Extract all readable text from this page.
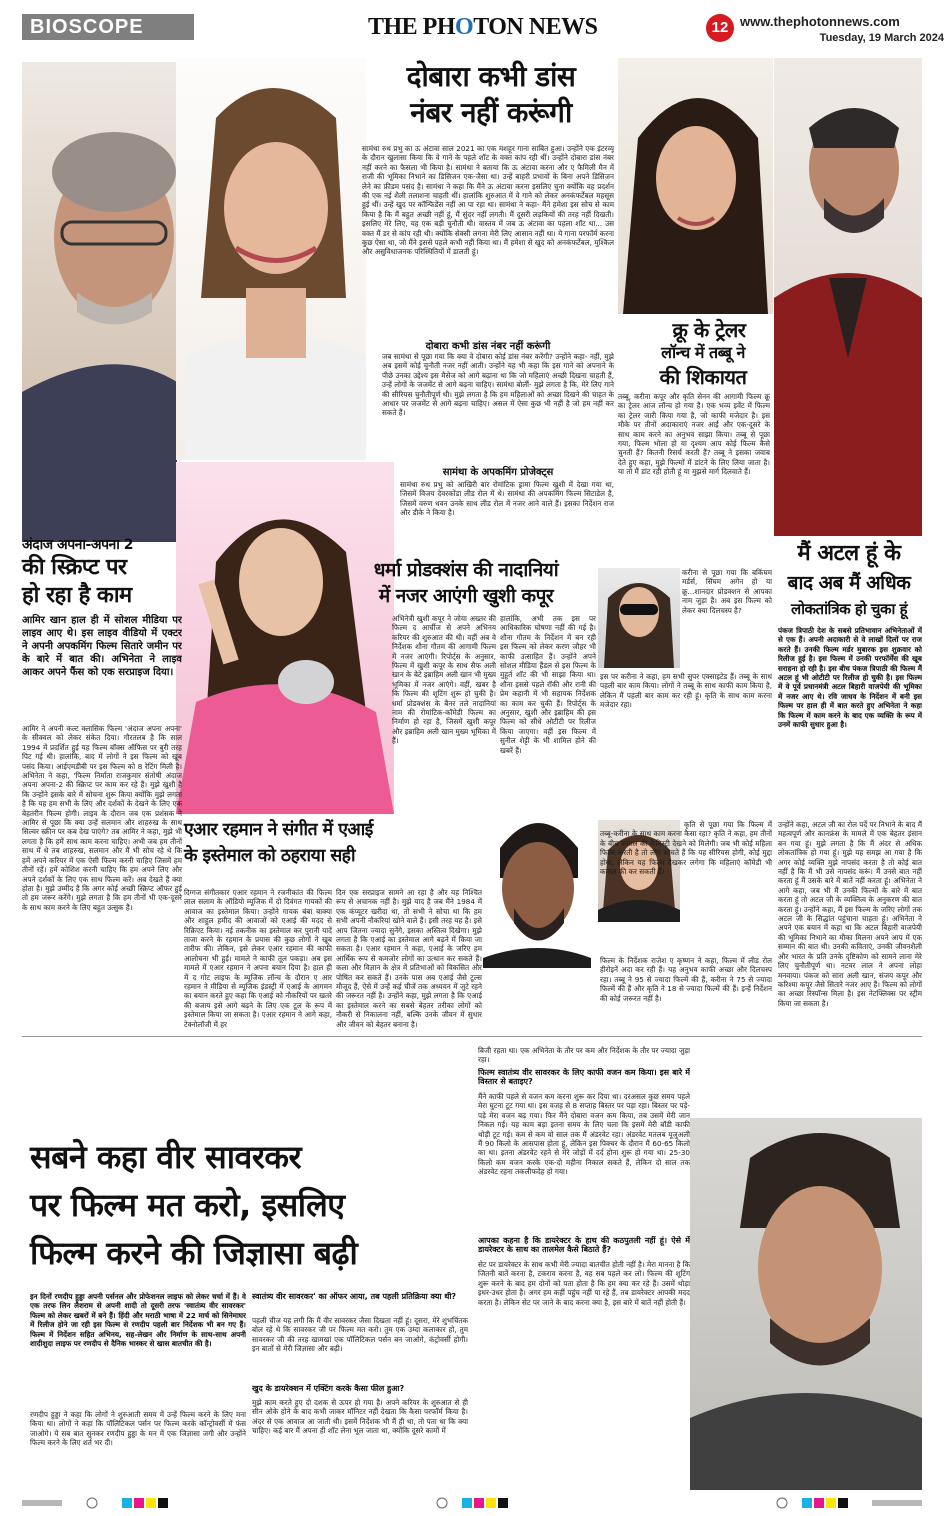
BIOSCOPE	THE PHOTON NEWS	12 www.thephotonnews.com
Tuesday, 19 March 2024
दोबारा कभी डांस
नंबर नहीं करूंगी
सामंथा रुथ प्रभु का ऊ अंटावा साल 2021 का एक मशहूर गाना साबित हुआ। उन्होंने एक इंटरव्यू के दौरान खुलासा किया कि वे गाने के पहले शॉट के वक्त कांप रही थीं। उन्होंने दोबारा डांस नंबर नहीं करने का फैसला भी किया है। सामंथा ने बताया कि ऊ अंटावा करना और ए फैमिली मैन में राजी की भूमिका निभाने का डिसिजन एक-जैसा था। उन्हें बाहरी प्रभावों के बिना अपने डिसिजन लेने का फ्रीडम पसंद है। सामंथा ने कहा कि मैंने ऊ अंटावा करना इसलिए चुना क्योंकि वह प्रदर्शन की एक नई शैली तलाशना चाहती थीं। हालांकि शुरुआत में वे गाने को लेकर अनकंफर्टेबल महसूस हुई थीं। उन्हें खुद पर कॉन्फिडेंस नहीं आ पा रहा था। सामंथा ने कहा- मैंने हमेशा इस सोच से काम किया है कि मैं बहुत अच्छी नहीं हूं, मैं सुंदर नहीं लगती। मैं दूसरी लड़कियों की तरह नहीं दिखती। इसलिए मेरे लिए, यह एक बड़ी चुनौती थी। वास्तव में जब ऊ अंटावा का पहला शॉट था... उस वक्त मैं डर से कांप रही थी। क्योंकि सेक्सी लगना मेरी लिए आसान नहीं था। ये गाना परफॉर्म करना कुछ ऐसा था, जो मैंने इससे पहले कभी नहीं किया था। मैं हमेशा से खुद को अनकंफर्टेबल, मुश्किल और असुविधाजनक परिस्थितियों में डालती हूं।
दोबारा कभी डांस नंबर नहीं करूंगी
जब सामंथा से पूछा गया कि क्या वे दोबारा कोई डांस नंबर करेंगी? उन्होंने कहा- नहीं, मुझे अब इसमें कोई चुनौती नजर नहीं आती। उन्होंने यह भी कहा कि इस गाने को अपनाने के पीछे उनका उद्देश्य इस मैसेज को आगे बढ़ाना था कि जो महिलाएं अच्छी दिखना चाहती हैं, उन्हें लोगों के जजमेंट से आगे बढ़ना चाहिए। सामंथा बोलीं- मुझे लगता है कि, मेरे लिए गाने की सीरियस चुनौतीपूर्ण थी। मुझे लगता है कि हम महिलाओं को अच्छा दिखने की चाहत के आधार पर जजमेंट से आगे बढ़ना चाहिए। असल में ऐसा कुछ भी नहीं है जो हम नहीं कर सकते हैं।
सामंथा के अपकमिंग प्रोजेक्ट्स
सामंथा रुथ प्रभु को आखिरी बार रोमांटिक ड्रामा फिल्म खुशी में देखा गया था, जिसमें विजय देवरकोंडा लीड रोल में थे। सामंथा की अपकमिंग फिल्म सिटाडेल है, जिसमें वरुण धवन उनके साथ लीड रोल में नजर आने वाले हैं। इसका निर्देशन राज और डीके ने किया है।
क्रू के ट्रेलर
लॉन्च में तब्बू ने
की शिकायत
तब्बू, करीना कपूर और कृति सेनन की आगामी फिल्म क्रू का ट्रेलर आज लॉन्च हो गया है। एक भव्य इवेंट में फिल्म का ट्रेलर जारी किया गया है, जो काफी मजेदार है। इस मौके पर तीनों अदाकाराएं नजर आईं और एक-दूसरे के साथ काम करने का अनुभव साझा किया। तब्बू से पूछा गया, फिल्म भोला हो या दृश्यम आप कोई फिल्म कैसे चुनती हैं? कितनी रिसर्च करती हैं? तब्बू ने इसका जवाब देते हुए कहा, मुझे फिल्मों में डांटने के लिए लिया जाता है। या तो मैं डांट रही होती हूं या मुझसे मार्ग दिलवाते हैं।
करीना से पूछा गया कि बकिंघम मर्डर्स, सिंघम अगेन हो या क्रू...शानदार प्रोडक्शन से आपका नाम जुड़ा है। अब इस फिल्म को लेकर क्या दिलचस्प है?
इस पर करीना ने कहा, हम सभी सुपर एक्साइटेड हैं। तब्बू के साथ पहली बार काम किया। लोगों ने तब्बू के साथ काफी काम किया है, लेकिन मैं पहली बार काम कर रही हूं। कृति के साथ काम करना मजेदार रहा।
कृति से पूछा गया कि फिल्म में तब्बू-करीना के साथ काम करना कैसा रहा? कृति ने कहा, हम तीनों के बीच कमाल की केमिस्ट्री देखने को मिलेगी। जब भी कोई महिला फिल्म करती है तो लोग सोचते हैं कि यह सीरियस होगी, कोई मुद्दा होगा, लेकिन यह फिल्म देखकर लगेगा कि महिलाएं कॉमेडी भी कमाल की कर सकती हैं।
फिल्म के निर्देशक राजेश ए कृष्णन ने कहा, फिल्म में लीड रोल हीरोइनें अदा कर रही हैं। यह अनुभव काफी अच्छा और दिलचस्प रहा। तब्बू ने 95 से ज्यादा फिल्में की हैं, करीना ने 75 से ज्यादा फिल्में की हैं और कृति ने 18 से ज्यादा फिल्में की हैं। इन्हें निर्देशन की कोई जरूरत नहीं है।
मैं अटल हूं के
बाद अब मैं अधिक
लोकतांत्रिक हो चुका हूं
पंकज त्रिपाठी देश के सबसे प्रतिभावान अभिनेताओं में से एक हैं। अपनी अदाकारी से वे लाखों दिलों पर राज करते हैं। उनकी फिल्म मर्डर मुबारक इस शुक्रवार को रिलीज हुई है। इस फिल्म में उनकी परफॉर्मेंस की खूब सराहना हो रही है। इस बीच पंकज त्रिपाठी की फिल्म मैं अटल हूं भी ओटीटी पर रिलीज हो चुकी है। इस फिल्म में वे पूर्व प्रधानमंत्री अटल बिहारी वाजपेयी की भूमिका में नजर आए थे। रवि जाधव के निर्देशन में बनी इस फिल्म पर हाल ही में बात करते हुए अभिनेता ने कहा कि फिल्म में काम करने के बाद एक व्यक्ति के रूप में उनमें काफी सुधार हुआ है।
उन्होंने कहा, अटल जी का रोल पर्दे पर निभाने के बाद मैं महत्वपूर्ण और कानफ्रंस के मामले में एक बेहतर इंसान बन गया हूं। मुझे लगता है कि मैं अंदर से अधिक लोकतांत्रिक हो गया हूं। मुझे यह समझ आ गया है कि अगर कोई व्यक्ति मुझे नापसंद करता है तो कोई बात नहीं है कि मैं भी उसे नापसंद करूं। मैं उनसे बात नहीं करता हूं मैं उसके बारे में बातें नहीं करता हूं। अभिनेता ने आगे कहा, जब भी मैं उनकी फिल्मों के बारे में बात करता हूं तो अटल जी के व्यक्तित्व के अनुकरण की बात करता हूं। उन्होंने कहा, मैं इस फिल्म के जरिए लोगों तक अटल जी के सिद्धांत पहुंचाना चाहता हूं। अभिनेता ने अपने एक बयान में कहा था कि अटल बिहारी वाजपेयी की भूमिका निभाने का मौका मिलना अपने आप में एक सम्मान की बात थी। उनकी कविताएं, उनकी जीवनशैली और भारत के प्रति उनके दृष्टिकोण को सामने लाना मेरे लिए चुनौतीपूर्ण था। नटवर लाल ने अपना लोहा मनवाया। पंकज को सारा अली खान, संजय कपूर और करिश्मा कपूर जैसे सितारे नजर आए हैं। फिल्म को लोगों का अच्छा रिस्पॉन्स मिला है। इस नेटफ्लिक्स पर स्ट्रीम किया जा सकता है।
अंदाज अपना-अपना 2
की स्क्रिप्ट पर
हो रहा है काम
आमिर खान हाल ही में सोशल मीडिया पर लाइव आए थे। इस लाइव वीडियो में एक्टर ने अपनी अपकमिंग फिल्म सितारे जमीन पर के बारे में बात की। अभिनेता ने लाइव आकर अपने फैंस को एक सरप्राइज दिया।
आमिर ने अपनी कल्ट क्लासिक फिल्म 'अंदाज अपना अपना' के सीक्वल को लेकर संकेत दिया। गौरतलब है कि साल 1994 में प्रदर्शित हुई यह फिल्म बॉक्स ऑफिस पर बुरी तरह पिट गई थी। हालांकि, बाद में लोगों ने इस फिल्म को खूब पसंद किया। आईएमडीबी पर इस फिल्म को 8 रेटिंग मिली है। अभिनेता ने कहा, 'फिल्म निर्माता राजकुमार संतोषी अंदाज अपना अपना-2 की स्क्रिप्ट पर काम कर रहे हैं। मुझे खुशी है कि उन्होंने इसके बारे में सोचना शुरू किया क्योंकि मुझे लगता है कि यह हम सभी के लिए और दर्शकों के देखने के लिए एक बेहतरीन फिल्म होगी। लाइव के दौरान जब एक प्रशंसक ने आमिर से पूछा कि क्या उन्हें सलमान और शाहरुख के साथ सिल्वर स्क्रीन पर कब देख पाएंगे? तब आमिर ने कहा, मुझे भी लगता है कि हमें साथ काम करना चाहिए। अभी जब हम तीनों साथ में थे तब शाहरुख, सलमान और मैं भी सोच रहे थे कि हमें अपने करियर में एक ऐसी फिल्म करनी चाहिए जिसमें हम तीनों रहें। हमें कोशिश करनी चाहिए कि हम अपने लिए और अपने दर्शकों के लिए एक साथ फिल्म करें। अब देखते हैं क्या होता है। मुझे उम्मीद है कि अगर कोई अच्छी स्क्रिप्ट ऑफर हुई तो हम जरूर करेंगे। मुझे लगता है कि हम तीनों भी एक-दूसरे के साथ काम करने के लिए बहुत उत्सुक हैं।
धर्मा प्रोडक्शंस की नादानियां
में नजर आएंगी खुशी कपूर
अभिनेत्री खुशी कपूर ने जोया अख्तर की फिल्म द आर्चीज से अपने अभिनय करियर की शुरुआत की थी। वहीं अब वे निर्देशक शौना गौतम की आगामी फिल्म में नजर आएंगी। रिपोर्ट्स के अनुसार, फिल्म में खुशी कपूर के साथ सैफ अली खान के बेटे इब्राहिम अली खान भी मुख्य भूमिका में नजर आएंगे। वहीं, खबर है कि फिल्म की शूटिंग शुरू हो चुकी है। धर्मा प्रोडक्शंस के बैनर तले नादानियां नाम की रोमांटिक-कॉमेडी फिल्म का निर्माण हो रहा है, जिसमें खुशी कपूर और इब्राहिम अली खान मुख्य भूमिका में हैं।
हालांकि, अभी तक इस पर आधिकारिक घोषणा नहीं की गई है। शौना गौतम के निर्देशन में बन रही इस फिल्म को लेकर करण जौहर भी काफी उत्साहित हैं। उन्होंने अपने सोशल मीडिया हैंडल से इस फिल्म के मुहूर्त शॉट की भी साझा किया था। शौना इससे पहले रॉकी और रानी की प्रेम कहानी में भी सहायक निर्देशक का काम कर चुकी हैं। रिपोर्ट्स के अनुसार, खुशी और इब्राहिम की इस फिल्म को सीधे ओटीटी पर रिलीज किया जाएगा। वहीं इस फिल्म में सुनील शेट्टी के भी शामिल होने की खबरें हैं।
एआर रहमान ने संगीत में एआई
के इस्तेमाल को ठहराया सही
दिग्गज संगीतकार एआर रहमान ने रजनीकांत की फिल्म लाल सलाम के ऑडियो म्यूजिक में दो दिवंगत गायकों की आवाज का इस्तेमाल किया। उन्होंने गायक बंबा बाक्या और शाहुल हमीद की आवाजों को एआई की मदद से रिक्रिएट किया। नई तकनीक का इस्तेमाल कर पुरानी यादें ताजा करने के रहमान के प्रयास की कुछ लोगों ने खूब तारीफ की। लेकिन, इसे लेकर एआर रहमान की काफी आलोचना भी हुई। मामले ने काफी तूल पकड़ा। अब इस मामले में एआर रहमान ने अपना बयान दिया है। हाल ही में द गोट लाइफ के म्यूजिक लॉन्च के दौरान ए आर रहमान ने मीडिया से म्यूजिक इंडस्ट्री में एआई के आगमन का बयान करते हुए कहा कि एआई को नौकरियों पर खतरे की बजाय इसे आगे बढ़ने के लिए एक टूल के रूप में इस्तेमाल किया जा सकता है। एआर रहमान ने आगे कहा, टेक्नोलॉजी में हर
दिन एक सरप्राइज सामने आ रहा है और यह निश्चित रूप से अचानक नहीं है। मुझे याद है जब मैंने 1984 में एक कंप्यूटर खरीदा था, तो सभी ने सोचा था कि हम सभी अपनी नौकरियां खोने वाले हैं। इसी तरह यह है। इसे आप जितना ज्यादा सुनेंगे, इसका अस्तित्व दिखेगा। मुझे लगता है कि एआई का इस्तेमाल आगे बढ़ने में किया जा सकता है। एआर रहमान ने कहा, एआई के जरिए हम आर्थिक रूप से कमजोर लोगों का उत्थान कर सकते हैं। कला और विज्ञान के क्षेत्र में प्रतिभाओं को विकसित और पोषित कर सकते हैं। उनके पास अब एआई जैसे टूल्स मौजूद हैं, ऐसे में उन्हें कई चीजें तक अध्ययन में जुटे रहने की जरूरत नहीं है। उन्होंने कहा, मुझे लगता है कि एआई का इस्तेमाल करने का सबसे बेहतर तरीका लोगों को नौकरी से निकालना नहीं, बल्कि उनके जीवन में सुधार और जीवन को बेहतर बनाना है।
सबने कहा वीर सावरकर
पर फिल्म मत करो, इसलिए
फिल्म करने की जिज्ञासा बढ़ी
इन दिनों रणदीप हुड्डा अपनी पर्सनल और प्रोफेशनल लाइफ को लेकर चर्चा में हैं। वे एक तरफ लिन लैशराम से अपनी शादी तो दूसरी तरफ 'स्वातंत्र्य वीर सावरकर' फिल्म को लेकर खबरों में बने हैं। हिंदी और मराठी भाषा में 22 मार्च को सिनेमाघर में रिलीज होने जा रही इस फिल्म से रणदीप पहली बार निर्देशक भी बन गए हैं। फिल्म में निर्देशन सहित अभिनय, सह-लेखन और निर्माण के साथ-साथ अपनी शादीशुदा लाइफ पर रणदीप से दैनिक भास्कर से खास बातचीत की है।
रणदीप हुड्डा ने कहा कि लोगों ने शुरुआती समय में उन्हें फिल्म करने के लिए मना किया था। लोगों ने कहा कि पॉलिटिकल पर्सन पर फिल्म करके कॉन्ट्रोवर्सी में फंस जाओगे। ये सब बात सुनकर रणदीप हुड्डा के मन में एक जिज्ञासा जगी और उन्होंने फिल्म करने के लिए शर्त भर दी।
स्वातंत्र्य वीर सावरकर' का ऑफर आया, तब पहली प्रतिक्रिया क्या थी?
पहली चीज यह लगी कि मैं वीर सावरकर जैसा दिखता नहीं हूं। दूसरा, मेरे शुभचिंतक बोल रहे थे कि सावरकर जी पर फिल्म मत करो। तुम एक उम्दा कलाकार हो, तुम सावरकर जी की तरह खामखां एक पॉलिटिकल पर्सन बन जाओगे, कंट्रोवर्सी होगी। इन बातों से मेरी जिज्ञासा और बढ़ी।
खुद के डायरेक्शन में एक्टिंग करके कैसा फील हुआ?
मुझे काम करते हुए दो दशक से ऊपर हो गया है। अपने करियर के शुरुआत से ही सीन ओके होने के बाद कभी जाकर मॉनिटर नहीं देखता कि कैसा परफॉर्म किया है। अंदर से एक आवाज आ जाती थी। इसमें निर्देशक भी मैं ही था, तो पता था कि क्या चाहिए। कई बार मैं अपना ही शॉट लेना भूल जाता था, क्योंकि दूसरे कामों में
बिजी रहता था। एक अभिनेता के तौर पर कम और निर्देशक के तौर पर ज्यादा जुड़ा रहा।
फिल्म स्वातंत्र्य वीर सावरकर के लिए काफी वजन कम किया। इस बारे में विस्तार से बताइए?
मैंने काफी पहले से वजन कम करना शुरू कर दिया था। दरअसल कुछ समय पहले मेरा घुटना टूट गया था। इस वजह से 8 सप्ताह बिस्तर पर पड़ा रहा। बिस्तर पर पड़े-पड़े मेरा वजन बढ़ गया। फिर मैंने दोबारा वजन कम किया, तब उसमें मेरी जान निकल गई। यह काम बड़ा इतना समय के लिए चला कि इसमें मेरी बॉडी काफी थोड़ी टूट गई। कम से कम वो साल तक मैं अंडरवेट रहा। अंडरवेट मतलब यूजुअली मैं 90 किलो के आसपास होता हूं, लेकिन इस पिक्चर के दौरान मैं 60-65 किलो का था। इतना अंडरवेट रहने से मेरे जोड़ों में दर्द होना शुरू हो गया था। 25-30 किलो कम वजन करके एक-दो महीना निकाल सकते हैं, लेकिन दो साल तक अंडरवेट रहना तकलीफदेह हो गया।
आपका कहना है कि डायरेक्टर के हाथ की कठपुतली नहीं हूं। ऐसे में डायरेक्टर के साथ का तालमेल कैसे बिठाते हैं?
सेट पर डायरेक्टर के साथ कभी मेरी ज्यादा बातचीत होती नहीं है। मेरा मानना है कि जितनी बातें करना है, टकराव करना है, वह सब पहले कर लो। फिल्म की शूटिंग शुरू करने के बाद हम दोनों को पता होता है कि हम क्या कर रहे हैं। उसमें थोड़ा इधर-उधर होता है। अगर हम कहीं पहुंच नहीं पा रहे हैं, तब डायरेक्टर आपकी मदद करता है। लेकिन सेट पर जाने के बाद करना क्या है, इस बारे में बातें नहीं होती हैं।
